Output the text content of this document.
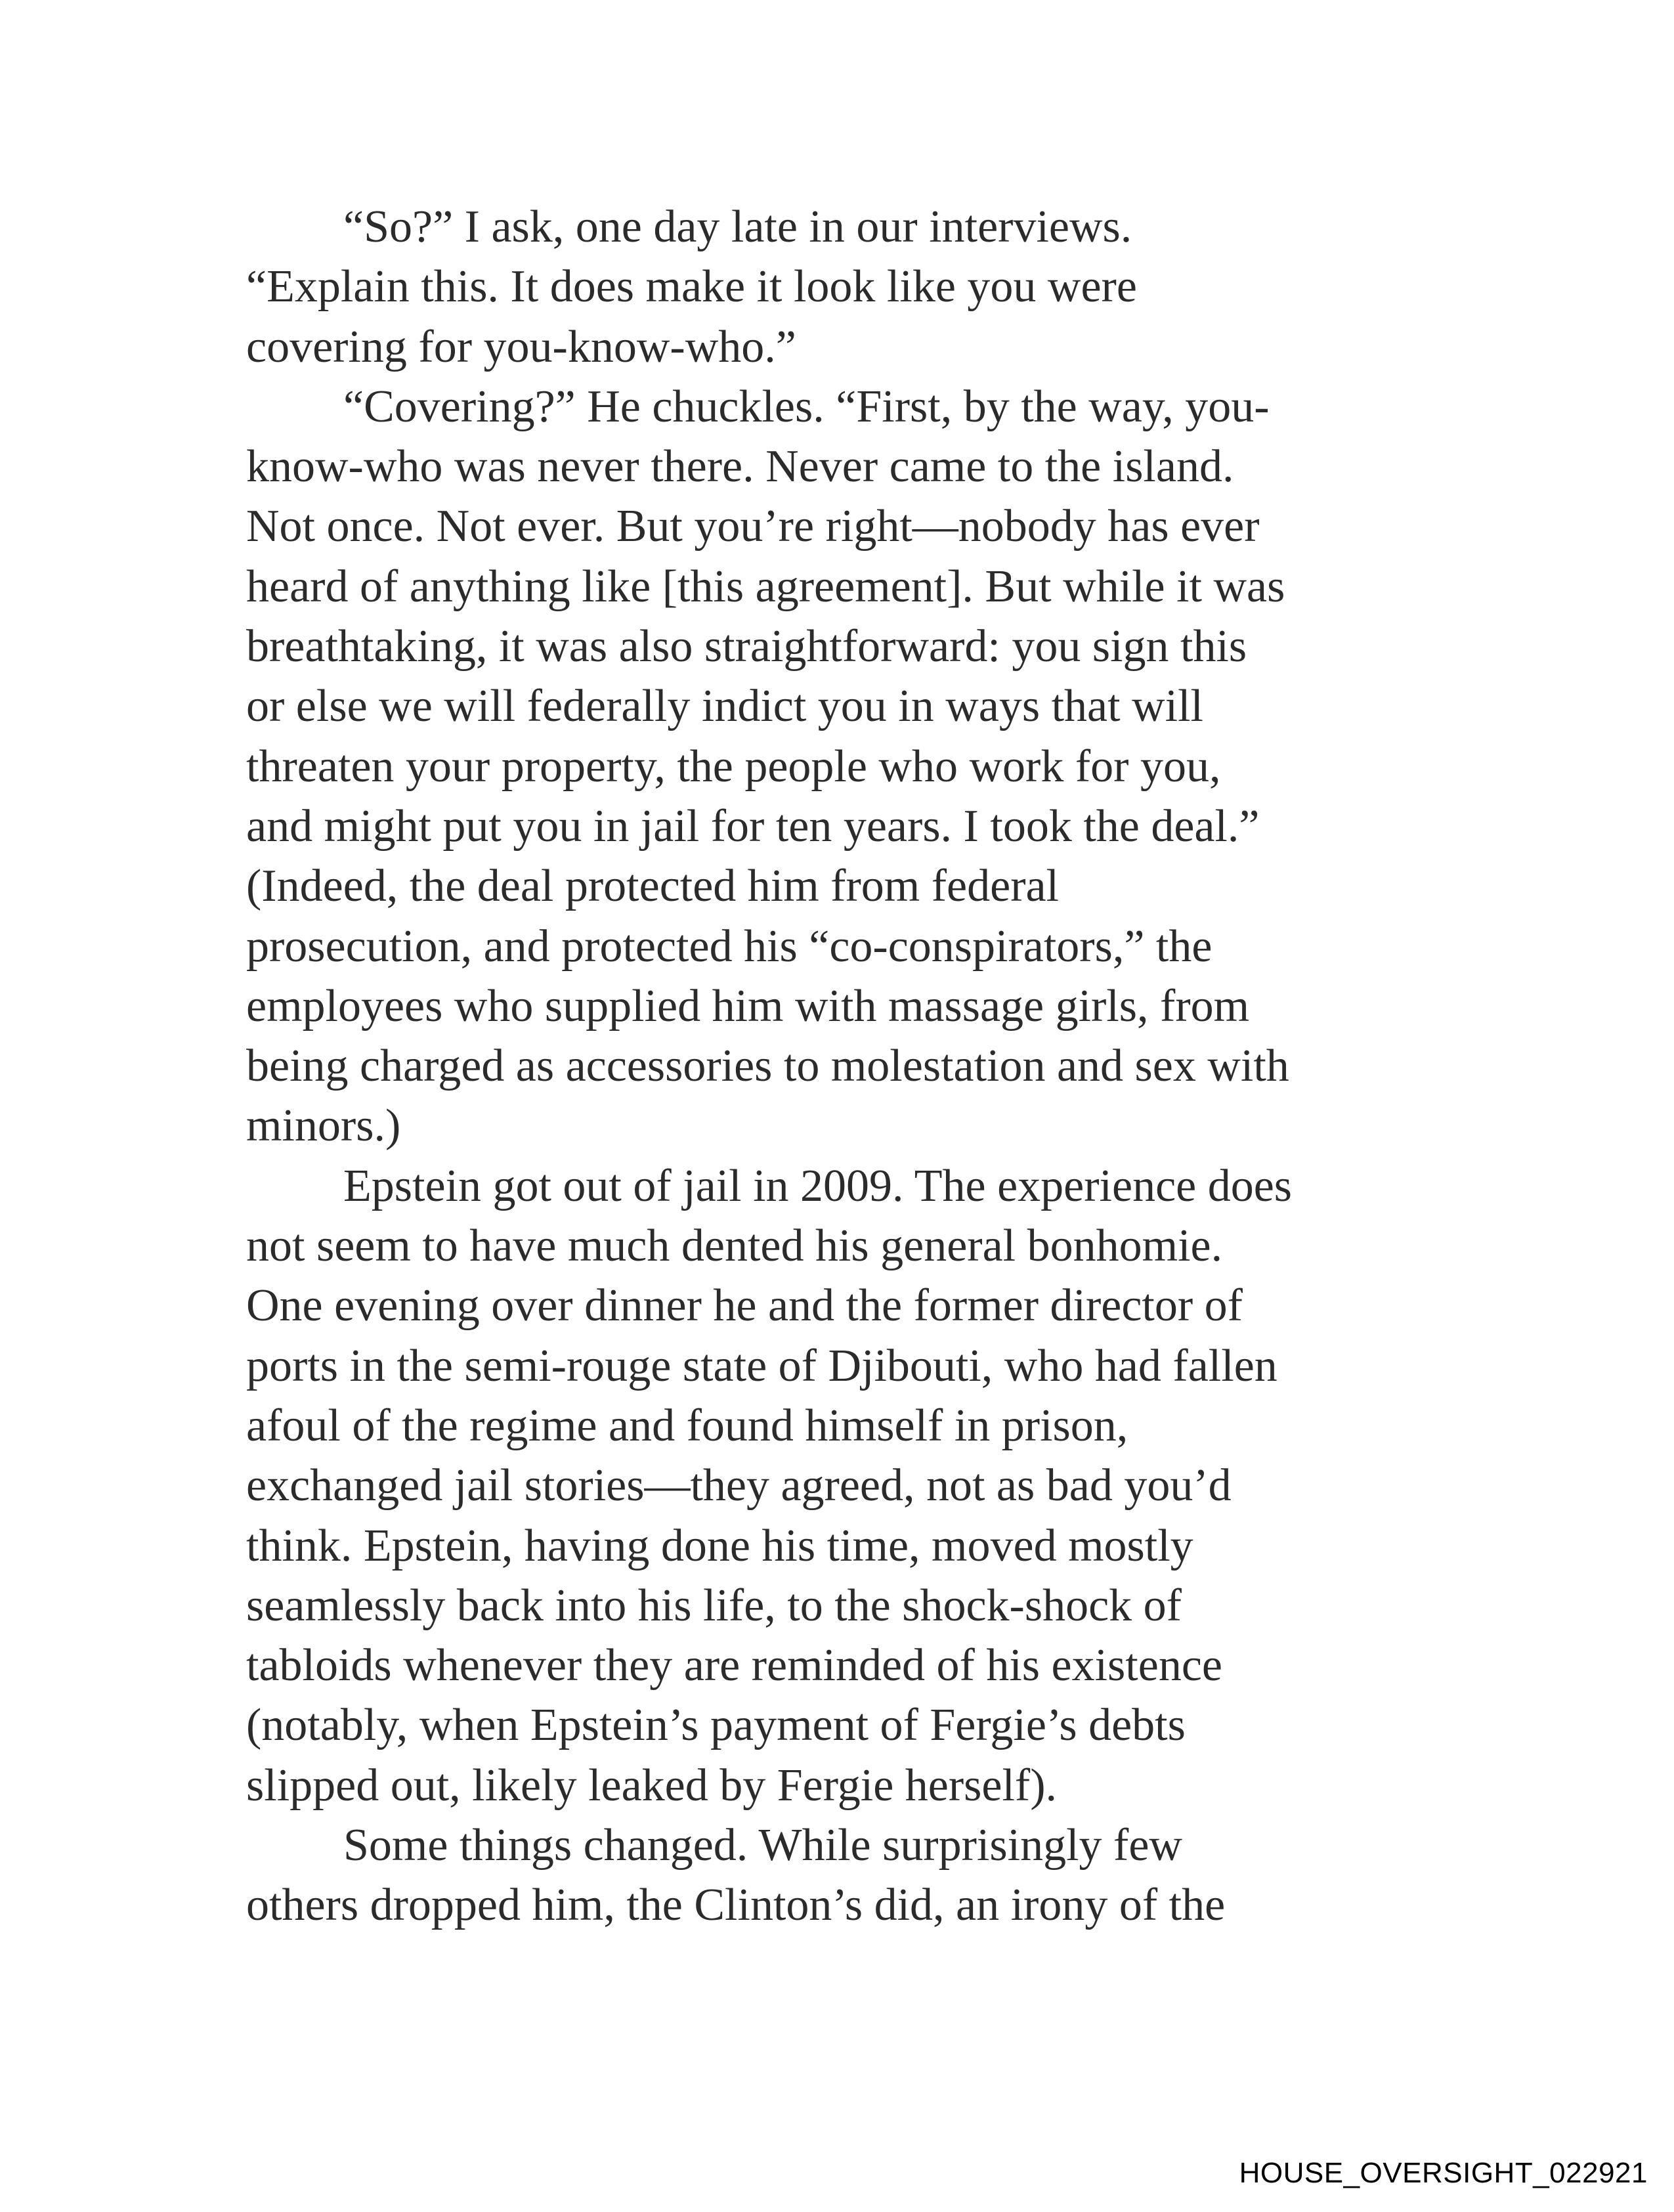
“So?” I ask, one day late in our interviews.
“Explain this. It does make it look like you were
covering for you-know-who.”
“Covering?” He chuckles. “First, by the way, you-
know-who was never there. Never came to the island.
Not once. Not ever. But you’re right—nobody has ever
heard of anything like [this agreement]. But while it was
breathtaking, it was also straightforward: you sign this
or else we will federally indict you in ways that will
threaten your property, the people who work for you,
and might put you in jail for ten years. I took the deal.”
(Indeed, the deal protected him from federal
prosecution, and protected his “co-conspirators,” the
employees who supplied him with massage girls, from
being charged as accessories to molestation and sex with
minors.)
Epstein got out of jail in 2009. The experience does
not seem to have much dented his general bonhomie.
One evening over dinner he and the former director of
ports in the semi-rouge state of Djibouti, who had fallen
afoul of the regime and found himself in prison,
exchanged jail stories—they agreed, not as bad you’d
think. Epstein, having done his time, moved mostly
seamlessly back into his life, to the shock-shock of
tabloids whenever they are reminded of his existence
(notably, when Epstein’s payment of Fergie’s debts
slipped out, likely leaked by Fergie herself).
Some things changed. While surprisingly few
others dropped him, the Clinton’s did, an irony of the
HOUSE_OVERSIGHT_022921
